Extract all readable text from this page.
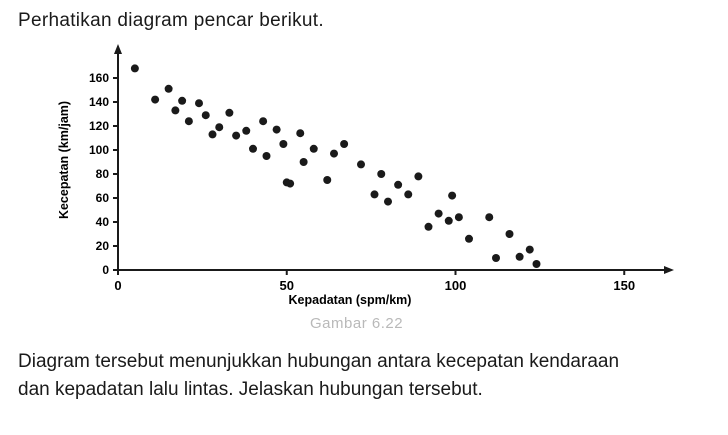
Perhatikan diagram pencar berikut.
0
20
40
60
80
100
120
140
160
0	50	100	150
Kecepatan (km/jam)
Kepadatan (spm/km)
Gambar 6.22
Diagram tersebut menunjukkan hubungan antara kecepatan kendaraan
dan kepadatan lalu lintas. Jelaskan hubungan tersebut.
